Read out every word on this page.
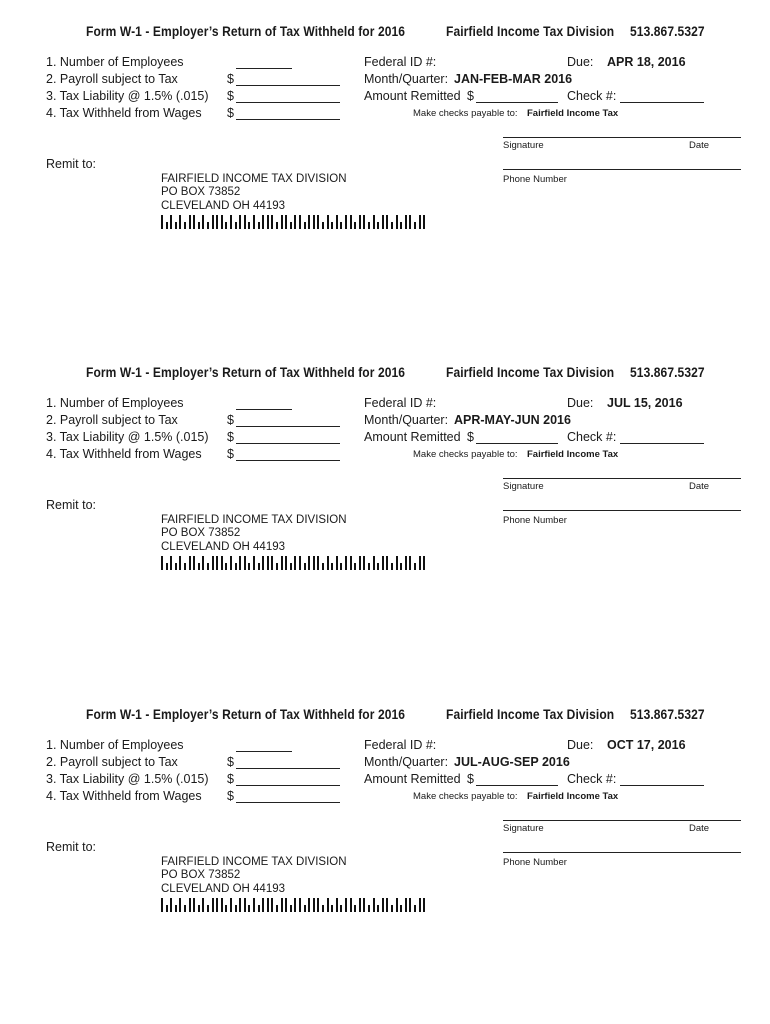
Form W-1 - Employer’s Return of Tax Withheld for 2016	Fairfield Income Tax Division 513.867.5327
1. Number of Employees
2. Payroll subject to Tax	$
3. Tax Liability @ 1.5% (.015) $
4. Tax Withheld from Wages $
Federal ID #:	Due: APR 18, 2016
Month/Quarter: JAN-FEB-MAR 2016
Amount Remitted $	Check #:
Make checks payable to: Fairfield Income Tax
Signature	Date
Phone Number
Remit to:
FAIRFIELD INCOME TAX DIVISION
PO BOX 73852
CLEVELAND OH 44193
Form W-1 - Employer’s Return of Tax Withheld for 2016	Fairfield Income Tax Division 513.867.5327
1. Number of Employees
2. Payroll subject to Tax	$
3. Tax Liability @ 1.5% (.015) $
4. Tax Withheld from Wages $
Federal ID #:	Due: JUL 15, 2016
Month/Quarter: APR-MAY-JUN 2016
Amount Remitted $	Check #:
Make checks payable to: Fairfield Income Tax
Signature	Date
Phone Number
Remit to:
FAIRFIELD INCOME TAX DIVISION
PO BOX 73852
CLEVELAND OH 44193
Form W-1 - Employer’s Return of Tax Withheld for 2016	Fairfield Income Tax Division 513.867.5327
1. Number of Employees
2. Payroll subject to Tax	$
3. Tax Liability @ 1.5% (.015) $
4. Tax Withheld from Wages $
Federal ID #:	Due: OCT 17, 2016
Month/Quarter: JUL-AUG-SEP 2016
Amount Remitted $	Check #:
Make checks payable to: Fairfield Income Tax
Signature	Date
Phone Number
Remit to:
FAIRFIELD INCOME TAX DIVISION
PO BOX 73852
CLEVELAND OH 44193
